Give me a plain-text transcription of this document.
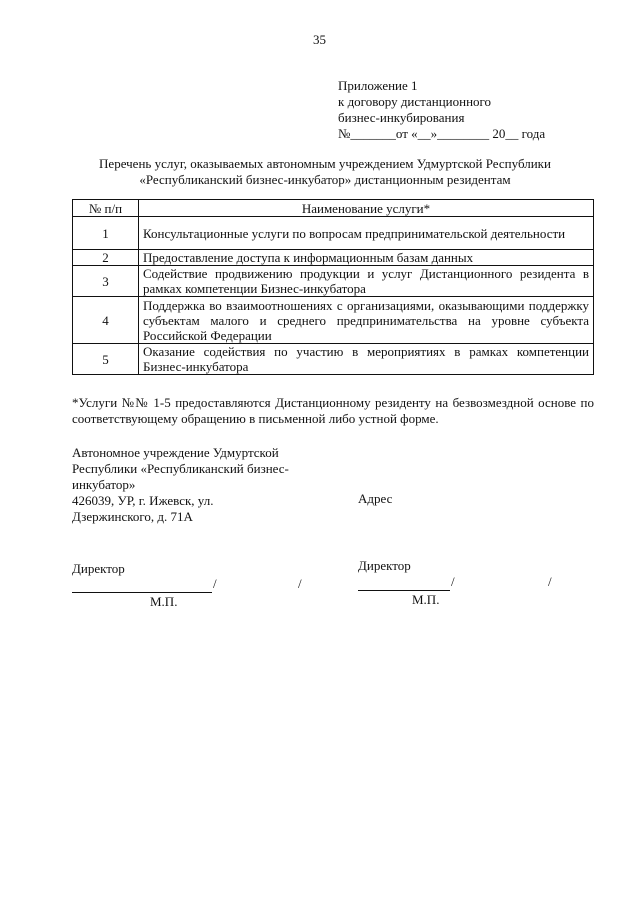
35
Приложение 1
к договору дистанционного
бизнес-инкубирования
№_______от «__»________ 20__ года
Перечень услуг, оказываемых автономным учреждением Удмуртской Республики
«Республиканский бизнес-инкубатор» дистанционным резидентам
№ п/п	Наименование услуги*
1	Консультационные услуги по вопросам предпринимательской деятельности
2	Предоставление доступа к информационным базам данных
3	Содействие продвижению продукции и услуг Дистанционного резидента в рамках компетенции Бизнес-инкубатора
4	Поддержка во взаимоотношениях с организациями, оказывающими поддержку субъектам малого и среднего предпринимательства на уровне субъекта Российской Федерации
5	Оказание содействия по участию в мероприятиях в рамках компетенции Бизнес-инкубатора
*Услуги №№ 1-5 предоставляются Дистанционному резиденту на безвозмездной основе по соответствующему обращению в письменной либо устной форме.
Автономное учреждение Удмуртской
Республики «Республиканский бизнес-
инкубатор»
426039, УР, г. Ижевск, ул.
Дзержинского, д. 71А
Адрес
Директор	Директор
/	/	/	/
М.П.	М.П.
